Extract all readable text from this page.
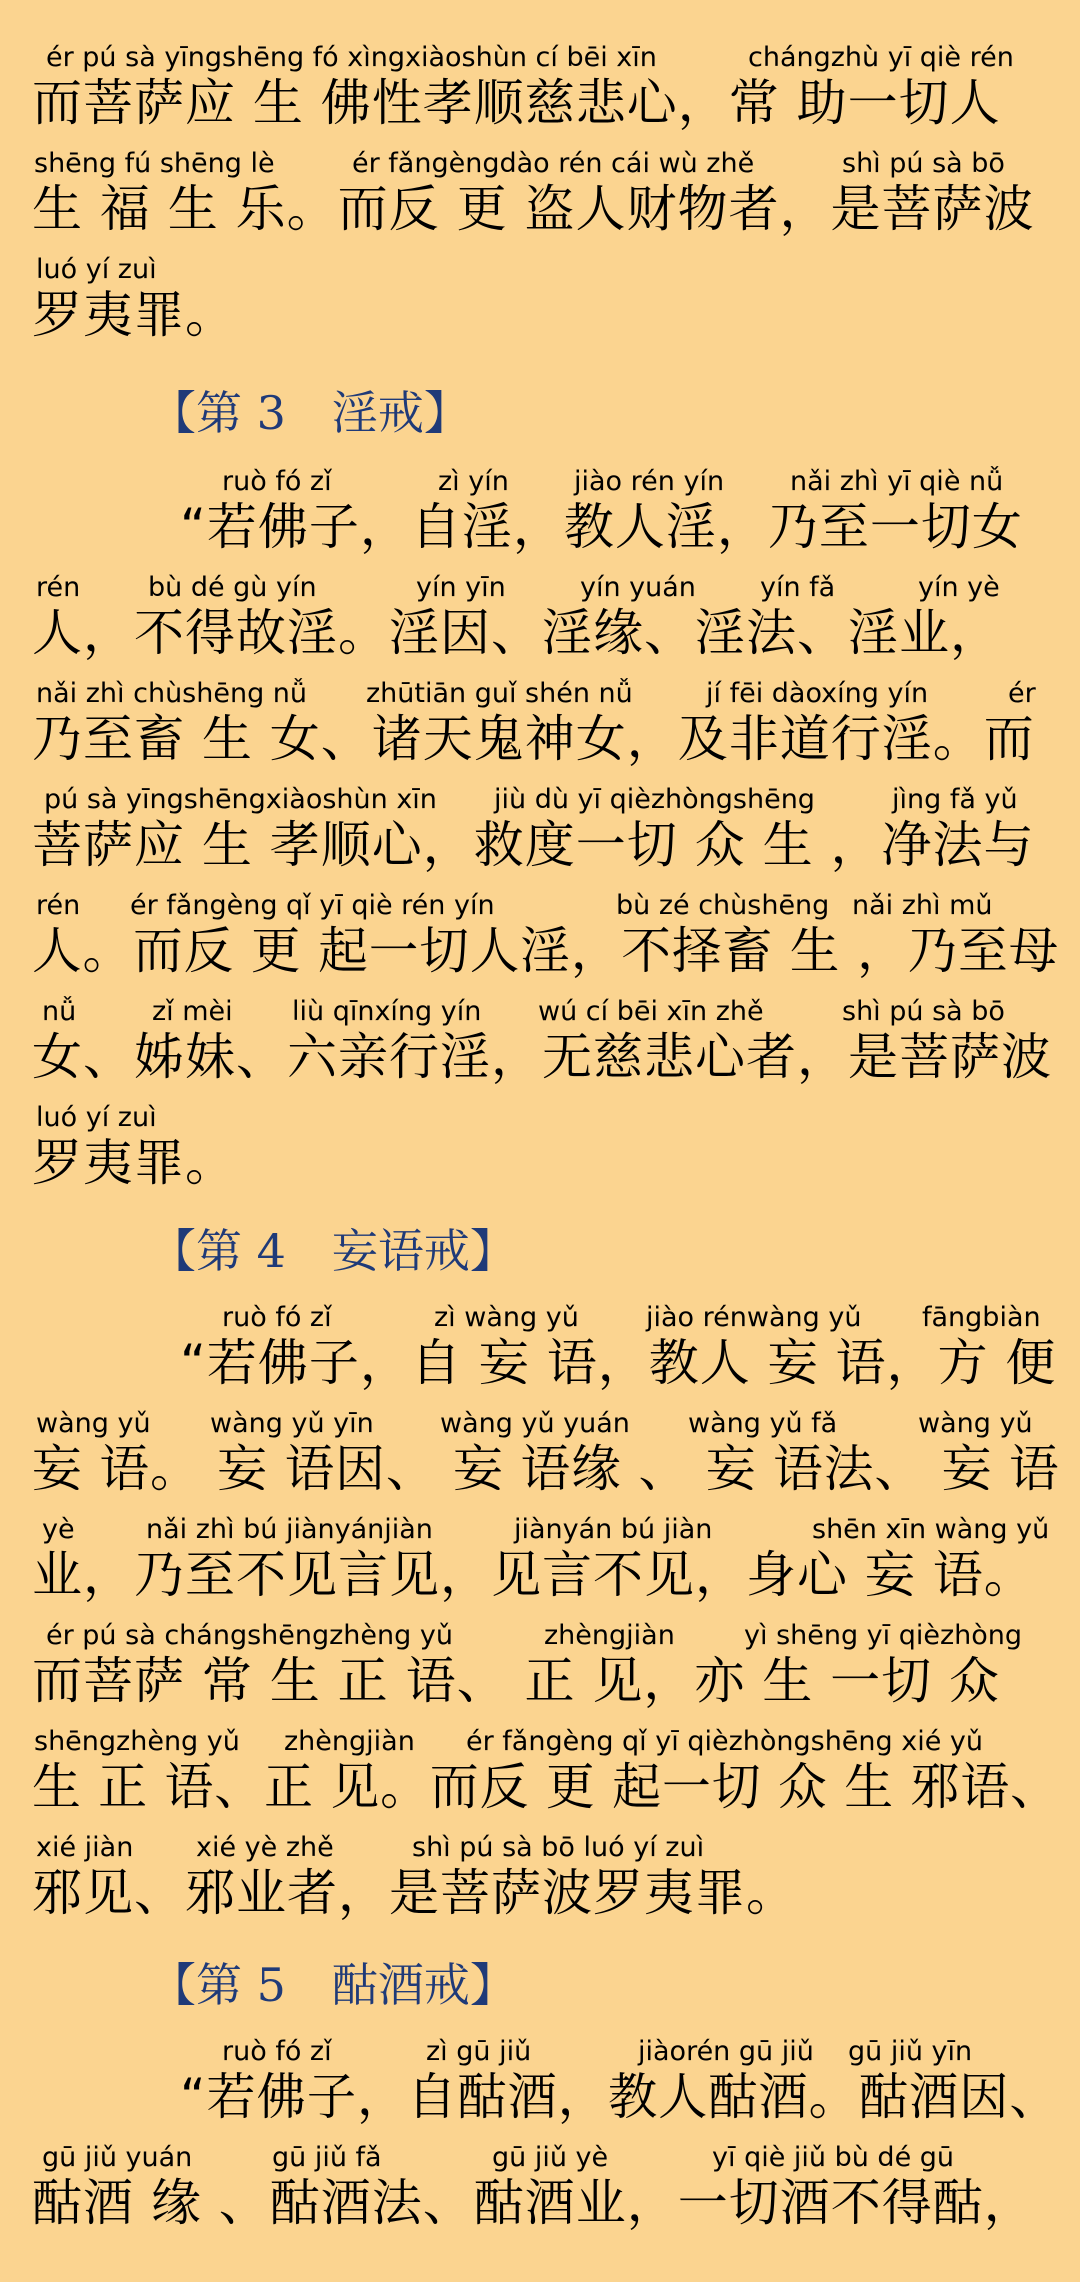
ér pú sà yīngshēng fó xìngxiàoshùn cí bēi xīn	chángzhù yī qiè rén
而菩萨应 生 佛性孝顺慈悲心，常 助一切人
shēng fú shēng lè	ér fǎngèngdào rén cái wù zhě	shì pú sà bō
生 福 生 乐。而反 更 盗人财物者，是菩萨波
luó yí zuì
罗夷罪。
【第 3　淫戒】
ruò fó zǐ	zì yín jiào rén yín nǎi zhì yī qiè nǚ
“若佛子，自淫，教人淫，乃至一切女
rén	bù dé gù yín	yín yīn	yín yuán yín fǎ	yín yè
人，不得故淫。淫因、淫缘、淫法、淫业，
nǎi zhì chùshēng nǚ zhūtiān guǐ shén nǚ	jí fēi dàoxíng yín	ér
乃至畜 生 女、诸天鬼神女，及非道行淫。而
pú sà yīngshēngxiàoshùn xīn jiù dù yī qièzhòngshēng	jìng fǎ yǔ
菩萨应 生 孝顺心，救度一切 众 生 ，净法与
rén ér fǎngèng qǐ yī qiè rén yín	bù zé chùshēng nǎi zhì mǔ
人。而反 更 起一切人淫，不择畜 生 ，乃至母
nǚ	zǐ mèi liù qīnxíng yín wú cí bēi xīn zhě	shì pú sà bō
女、姊妹、六亲行淫，无慈悲心者，是菩萨波
luó yí zuì
罗夷罪。
【第 4　妄语戒】
ruò fó zǐ	zì wàng yǔ jiào rénwàng yǔ fāngbiàn
“若佛子，自 妄 语，教人 妄 语，方 便
wàng yǔ wàng yǔ yīn wàng yǔ yuán wàng yǔ fǎ	wàng yǔ
妄 语。 妄 语因、 妄 语缘 、 妄 语法、 妄 语
yè	nǎi zhì bú jiànyánjiàn	jiànyán bú jiàn	shēn xīn wàng yǔ
业，乃至不见言见，见言不见，身心 妄 语。
ér pú sà chángshēngzhèng yǔ	zhèngjiàn	yì shēng yī qièzhòng
而菩萨 常 生 正 语、 正 见，亦 生 一切 众
shēngzhèng yǔ zhèngjiàn ér fǎngèng qǐ yī qièzhòngshēng xié yǔ
生 正 语、正 见。而反 更 起一切 众 生 邪语、
xié jiàn xié yè zhě	shì pú sà bō luó yí zuì
邪见、邪业者，是菩萨波罗夷罪。
【第 5　酤酒戒】
ruò fó zǐ	zì gū jiǔ	jiàorén gū jiǔ gū jiǔ yīn
“若佛子，自酤酒，教人酤酒。酤酒因、
gū jiǔ yuán	gū jiǔ fǎ	gū jiǔ yè	yī qiè jiǔ bù dé gū
酤酒 缘 、酤酒法、酤酒业，一切酒不得酤，
